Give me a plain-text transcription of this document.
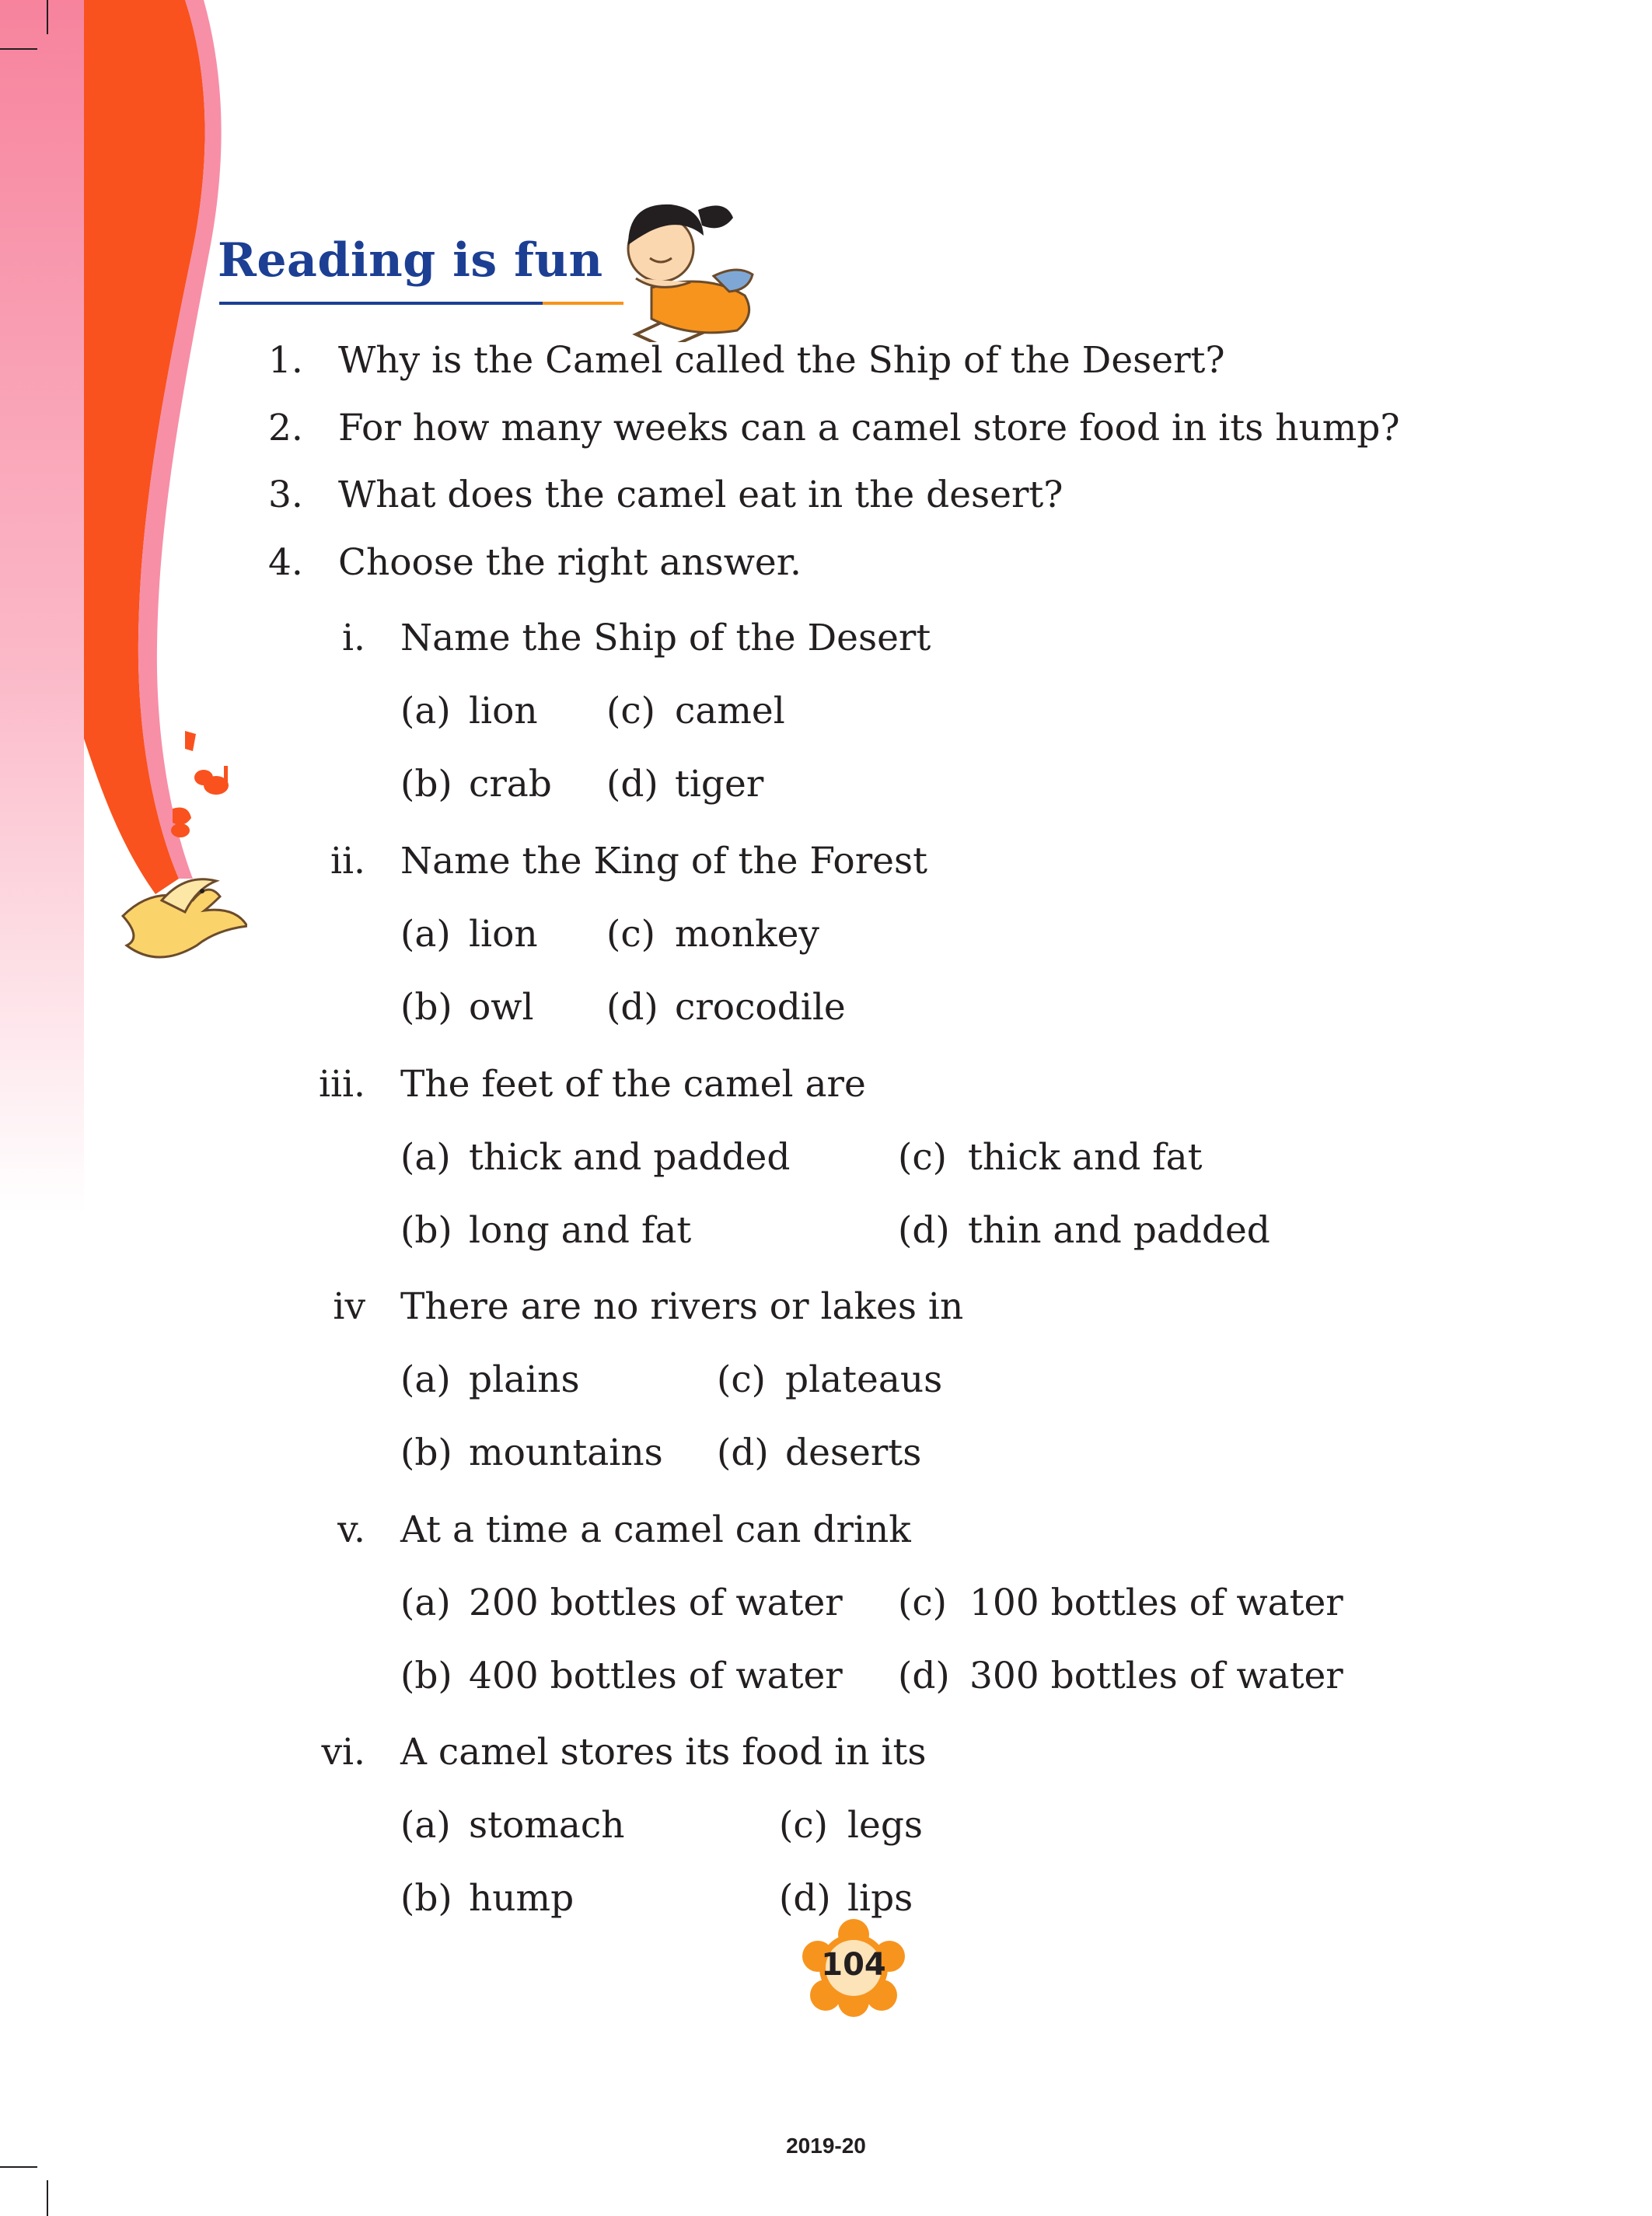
Reading is fun
1. Why is the Camel called the Ship of the Desert?
2. For how many weeks can a camel store food in its hump?
3. What does the camel eat in the desert?
4. Choose the right answer.
i. Name the Ship of the Desert
(a) lion (c) camel
(b) crab (d) tiger
ii. Name the King of the Forest
(a) lion (c) monkey
(b) owl (d) crocodile
iii. The feet of the camel are
(a) thick and padded	(c) thick and fat
(b) long and fat	(d) thin and padded
iv There are no rivers or lakes in
(a) plains	(c) plateaus
(b) mountains (d) deserts
v. At a time a camel can drink
(a) 200 bottles of water (c) 100 bottles of water
(b) 400 bottles of water (d) 300 bottles of water
vi. A camel stores its food in its
(a) stomach	(c) legs
(b) hump	(d) lips
104
2019-20
